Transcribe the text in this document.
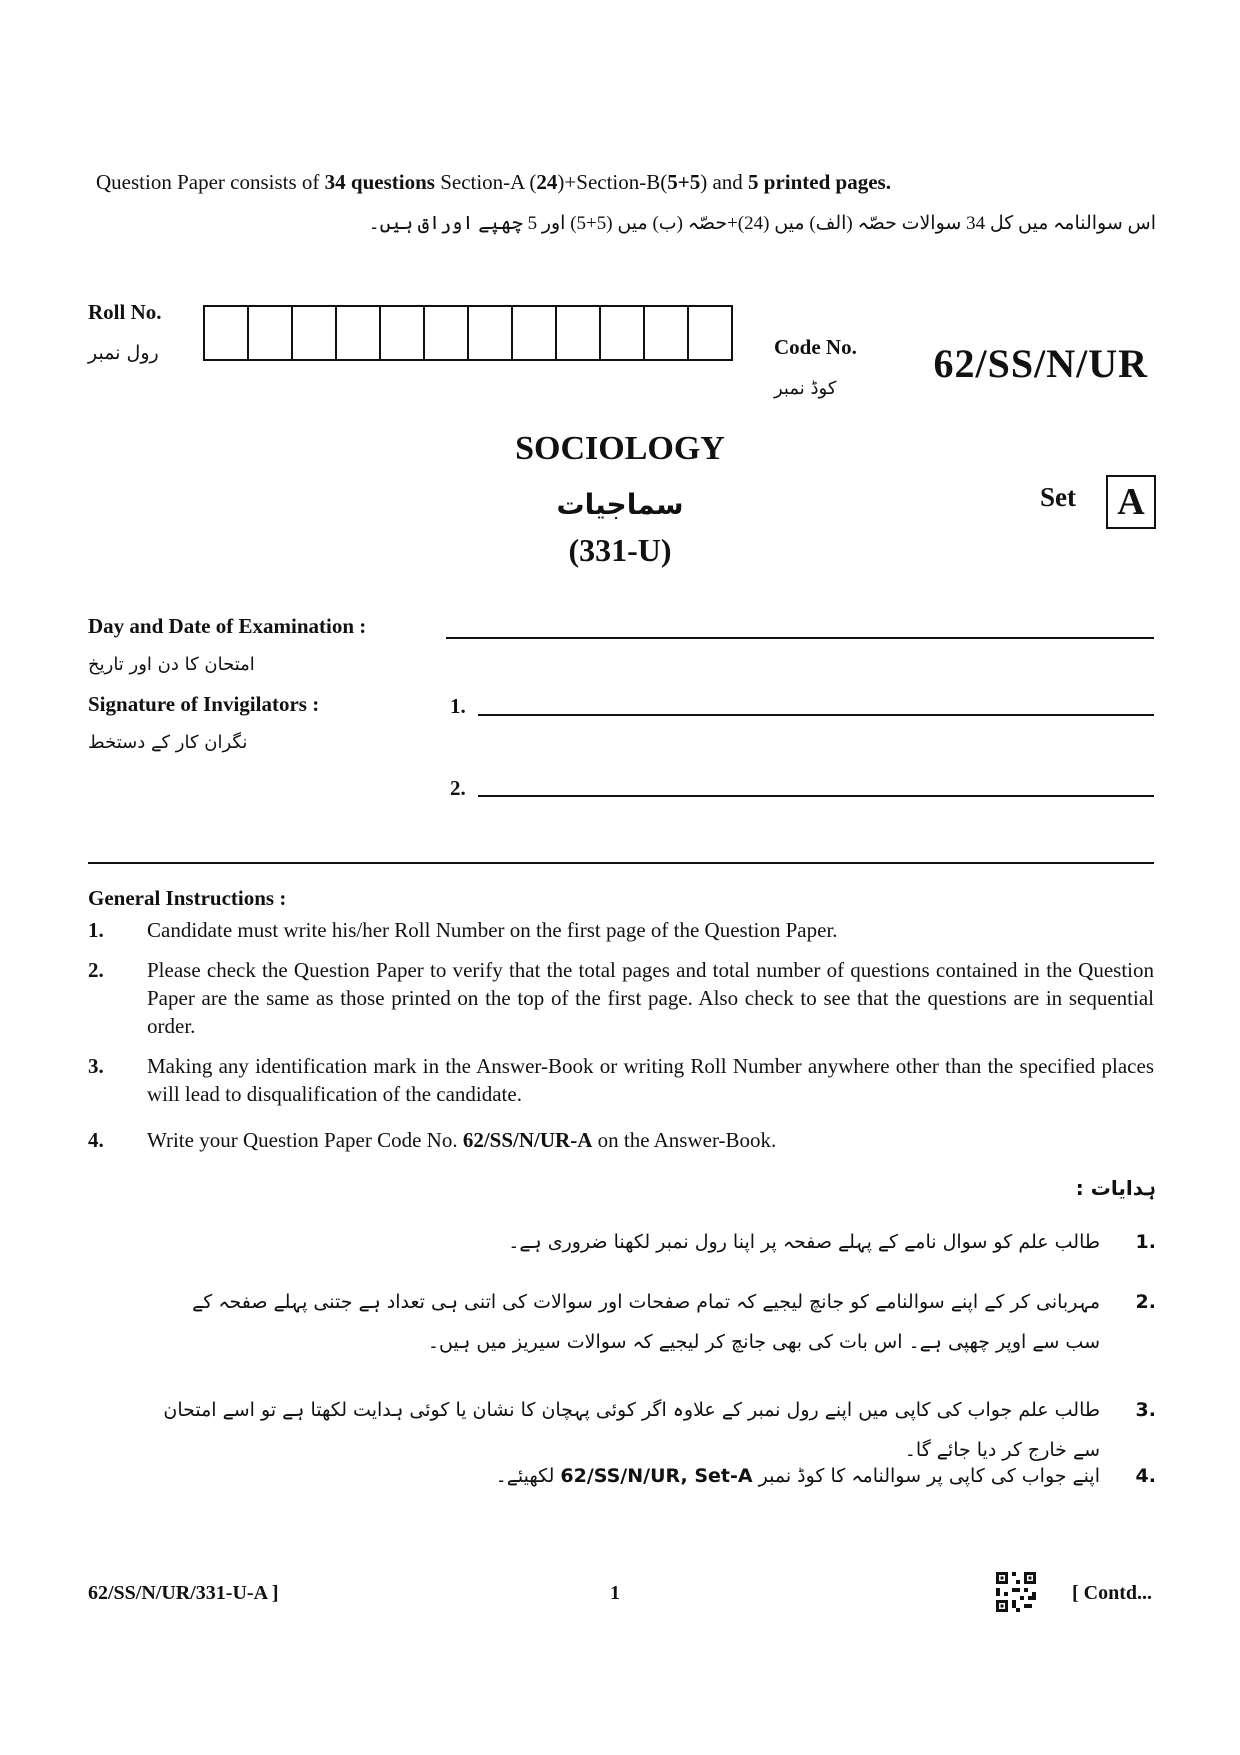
Question Paper consists of 34 questions Section-A (24)+Section-B(5+5) and 5 printed pages.
اس سوالنامہ میں کل 34 سوالات حصّہ (الف) میں (24)+حصّہ (ب) میں (5+5) اور 5 چھپے اوراق ہیں۔
Roll No.
رول نمبر	Code No.
کوڈ نمبر
62/SS/N/UR
SOCIOLOGY
سماجیات
(331-U)
Set A
Day and Date of Examination :
امتحان کا دن اور تاریخ
Signature of Invigilators :	1.
نگران کار کے دستخط
2.
General Instructions :
1. Candidate must write his/her Roll Number on the first page of the Question Paper.
2. Please check the Question Paper to verify that the total pages and total number of questions contained in the Question Paper are the same as those printed on the top of the first page. Also check to see that the questions are in sequential order.
3. Making any identification mark in the Answer-Book or writing Roll Number anywhere other than the specified places will lead to disqualification of the candidate.
4. Write your Question Paper Code No. 62/SS/N/UR-A on the Answer-Book.
ہدایات :
.1
طالب علم کو سوال نامے کے پہلے صفحہ پر اپنا رول نمبر لکھنا ضروری ہے۔
.2
مہربانی کر کے اپنے سوالنامے کو جانچ لیجیے کہ تمام صفحات اور سوالات کی اتنی ہی تعداد ہے جتنی پہلے صفحہ کے سب سے اوپر چھپی ہے۔ اس بات کی بھی جانچ کر لیجیے کہ سوالات سیریز میں ہیں۔
.3
طالب علم جواب کی کاپی میں اپنے رول نمبر کے علاوہ اگر کوئی پہچان کا نشان یا کوئی ہدایت لکھتا ہے تو اسے امتحان سے خارج کر دیا جائے گا۔
.4
اپنے جواب کی کاپی پر سوالنامہ کا کوڈ نمبر 62/SS/N/UR, Set-A لکھیئے۔
62/SS/N/UR/331-U-A ]	1	[ Contd...
